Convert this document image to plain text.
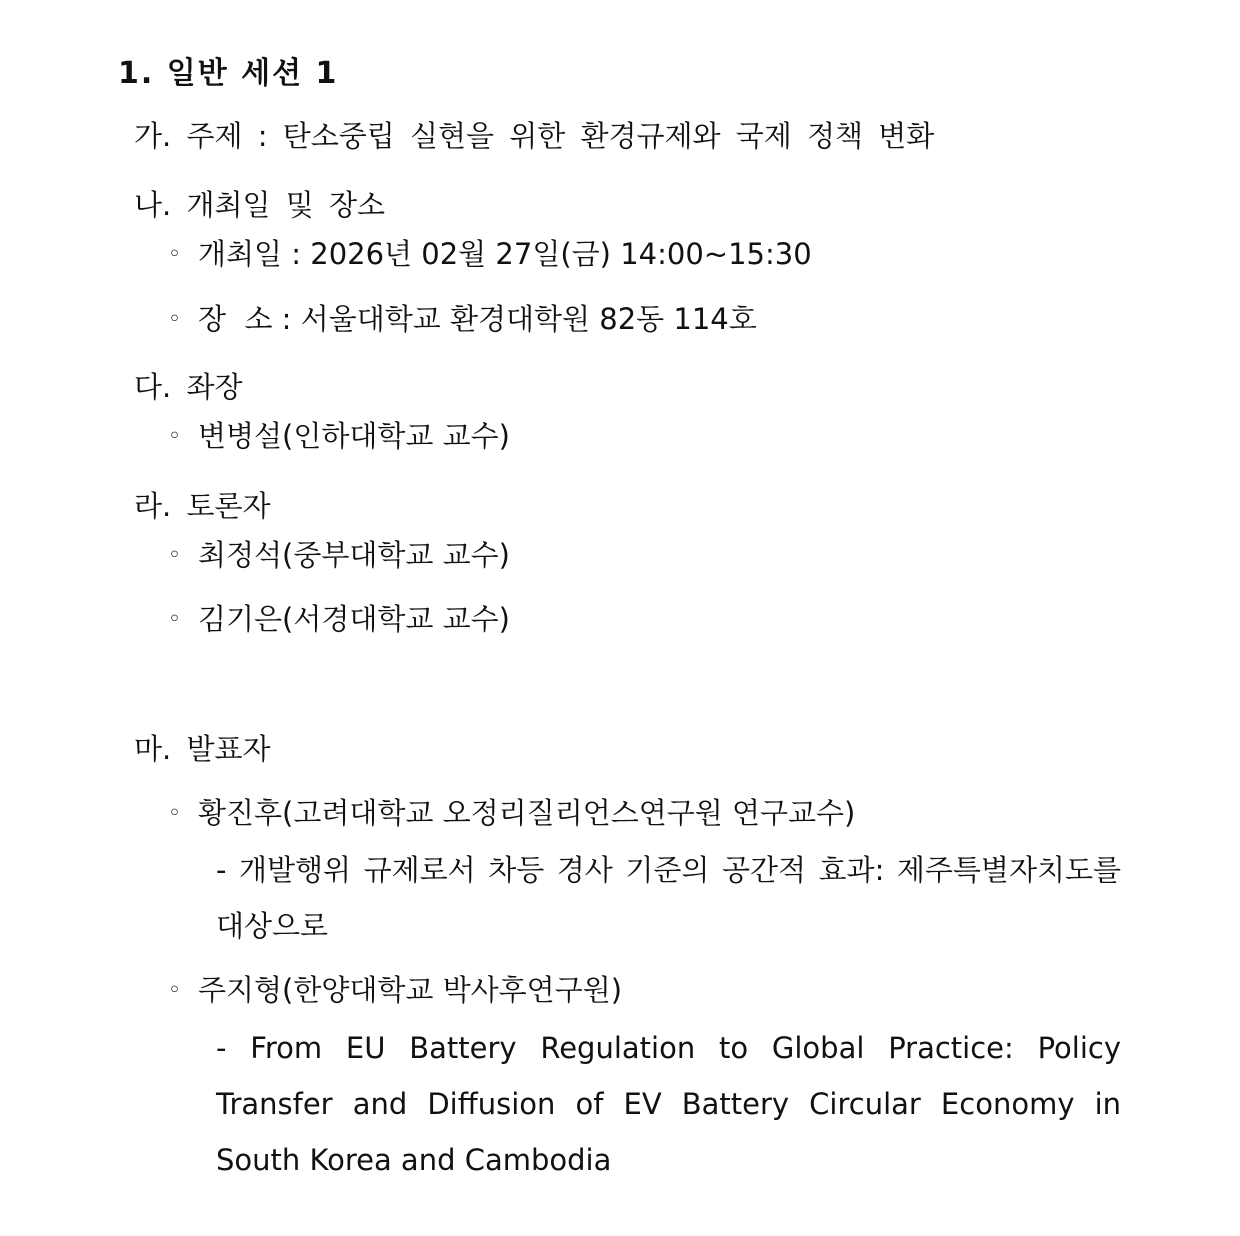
1. 일반 세션 1
가. 주제 : 탄소중립 실현을 위한 환경규제와 국제 정책 변화
나. 개최일 및 장소
◦ 개최일 : 2026년 02월 27일(금) 14:00~15:30
◦ 장  소 : 서울대학교 환경대학원 82동 114호
다. 좌장
◦ 변병설(인하대학교 교수)
라. 토론자
◦ 최정석(중부대학교 교수)
◦ 김기은(서경대학교 교수)
마. 발표자
◦ 황진후(고려대학교 오정리질리언스연구원 연구교수)
- 개발행위 규제로서 차등 경사 기준의 공간적 효과: 제주특별자치도를 대상으로
◦ 주지형(한양대학교 박사후연구원)
- From EU Battery Regulation to Global Practice: Policy Transfer and Diffusion of EV Battery Circular Economy in South Korea and Cambodia
